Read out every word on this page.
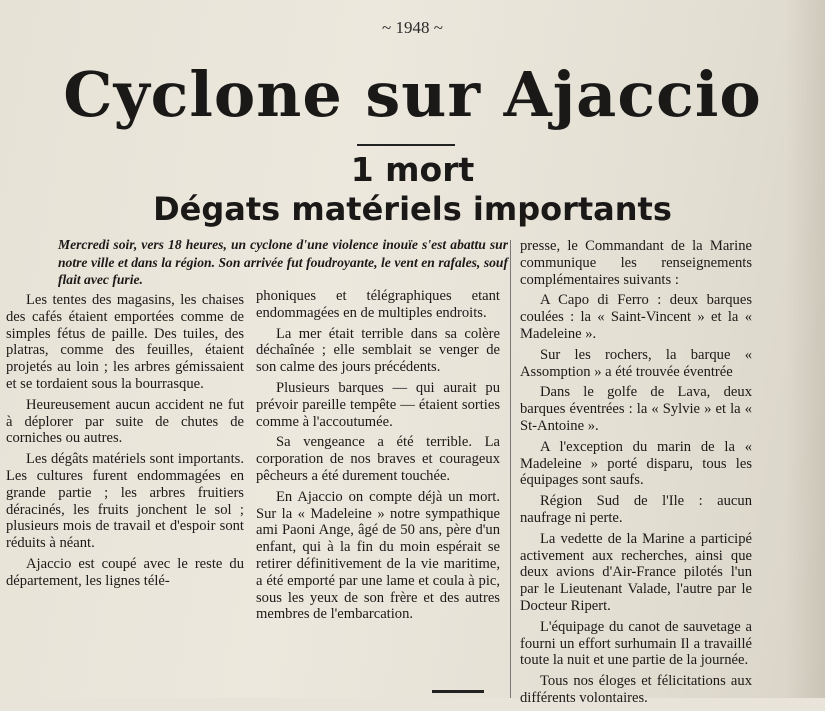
~ 1948 ~
Cyclone sur Ajaccio
1 mort
Dégats matériels importants
Mercredi soir, vers 18 heures, un cyclone d'une violence inouïe s'est abattu sur notre ville et dans la région. Son arrivée fut foudroyante, le vent en rafales, souf flait avec furie.

Les tentes des magasins, les chaises des cafés étaient emportées comme de simples fétus de paille. Des tuiles, des platras, comme des feuilles, étaient projetés au loin ; les arbres gémissaient et se tordaient sous la bourrasque.

Heureusement aucun accident ne fut à déplorer par suite de chutes de corniches ou autres.

Les dégâts matériels sont importants. Les cultures furent endommagées en grande partie ; les arbres fruitiers déracinés, les fruits jonchent le sol ; plusieurs mois de travail et d'espoir sont réduits à néant.

Ajaccio est coupé avec le reste du département, les lignes télé-

phoniques et télégraphiques etant endommagées en de multiples endroits.

La mer était terrible dans sa colère déchaînée ; elle semblait se venger de son calme des jours précédents.

Plusieurs barques — qui aurait pu prévoir pareille tempête — étaient sorties comme à l'accoutumée.

Sa vengeance a été terrible. La corporation de nos braves et courageux pêcheurs a été durement touchée.

En Ajaccio on compte déjà un mort. Sur la « Madeleine » notre sympathique ami Paoni Ange, âgé de 50 ans, père d'un enfant, qui à la fin du moin espérait se retirer définitivement de la vie maritime, a été emporté par une lame et coula à pic, sous les yeux de son frère et des autres membres de l'embarcation.

presse, le Commandant de la Marine communique les renseignements complémentaires suivants :

A Capo di Ferro : deux barques coulées : la « Saint-Vincent » et la « Madeleine ».

Sur les rochers, la barque « Assomption » a été trouvée éventrée

Dans le golfe de Lava, deux barques éventrées : la « Sylvie » et la « St-Antoine ».

A l'exception du marin de la « Madeleine » porté disparu, tous les équipages sont saufs.

Région Sud de l'Ile : aucun naufrage ni perte.

La vedette de la Marine a participé activement aux recherches, ainsi que deux avions d'Air-France pilotés l'un par le Lieutenant Valade, l'autre par le Docteur Ripert.

L'équipage du canot de sauvetage a fourni un effort surhumain Il a travaillé toute la nuit et une partie de la journée.

Tous nos éloges et félicitations aux différents volontaires.
